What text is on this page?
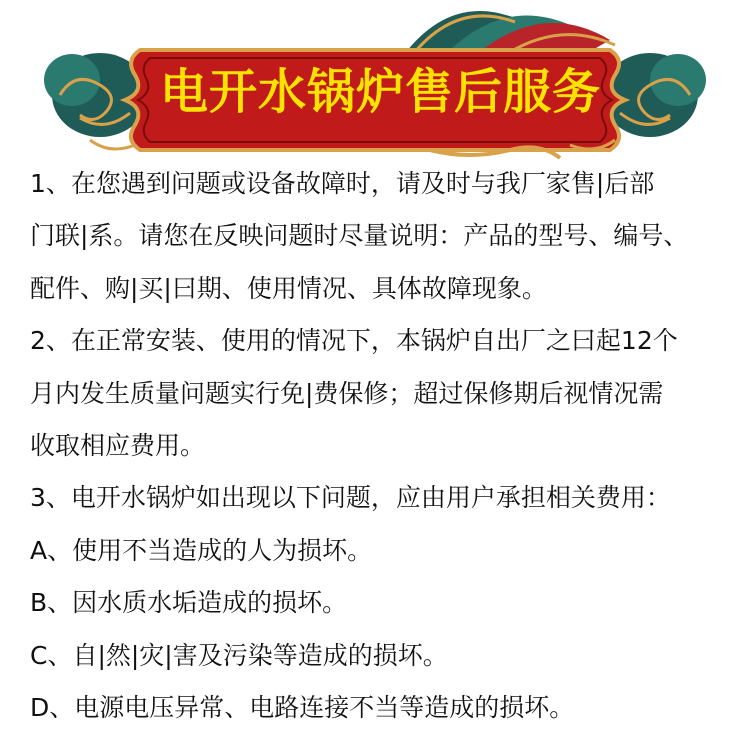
电开水锅炉售后服务
1、在您遇到问题或设备故障时，请及时与我厂家售|后部
门联|系。请您在反映问题时尽量说明：产品的型号、编号、
配件、购|买|曰期、使用情况、具体故障现象。
2、在正常安装、使用的情况下，本锅炉自出厂之曰起12个
月内发生质量问题实行免|费保修；超过保修期后视情况需
收取相应费用。
3、电开水锅炉如出现以下问题，应由用户承担相关费用：
A、使用不当造成的人为损坏。
B、因水质水垢造成的损坏。
C、自|然|灾|害及污染等造成的损坏。
D、电源电压异常、电路连接不当等造成的损坏。
